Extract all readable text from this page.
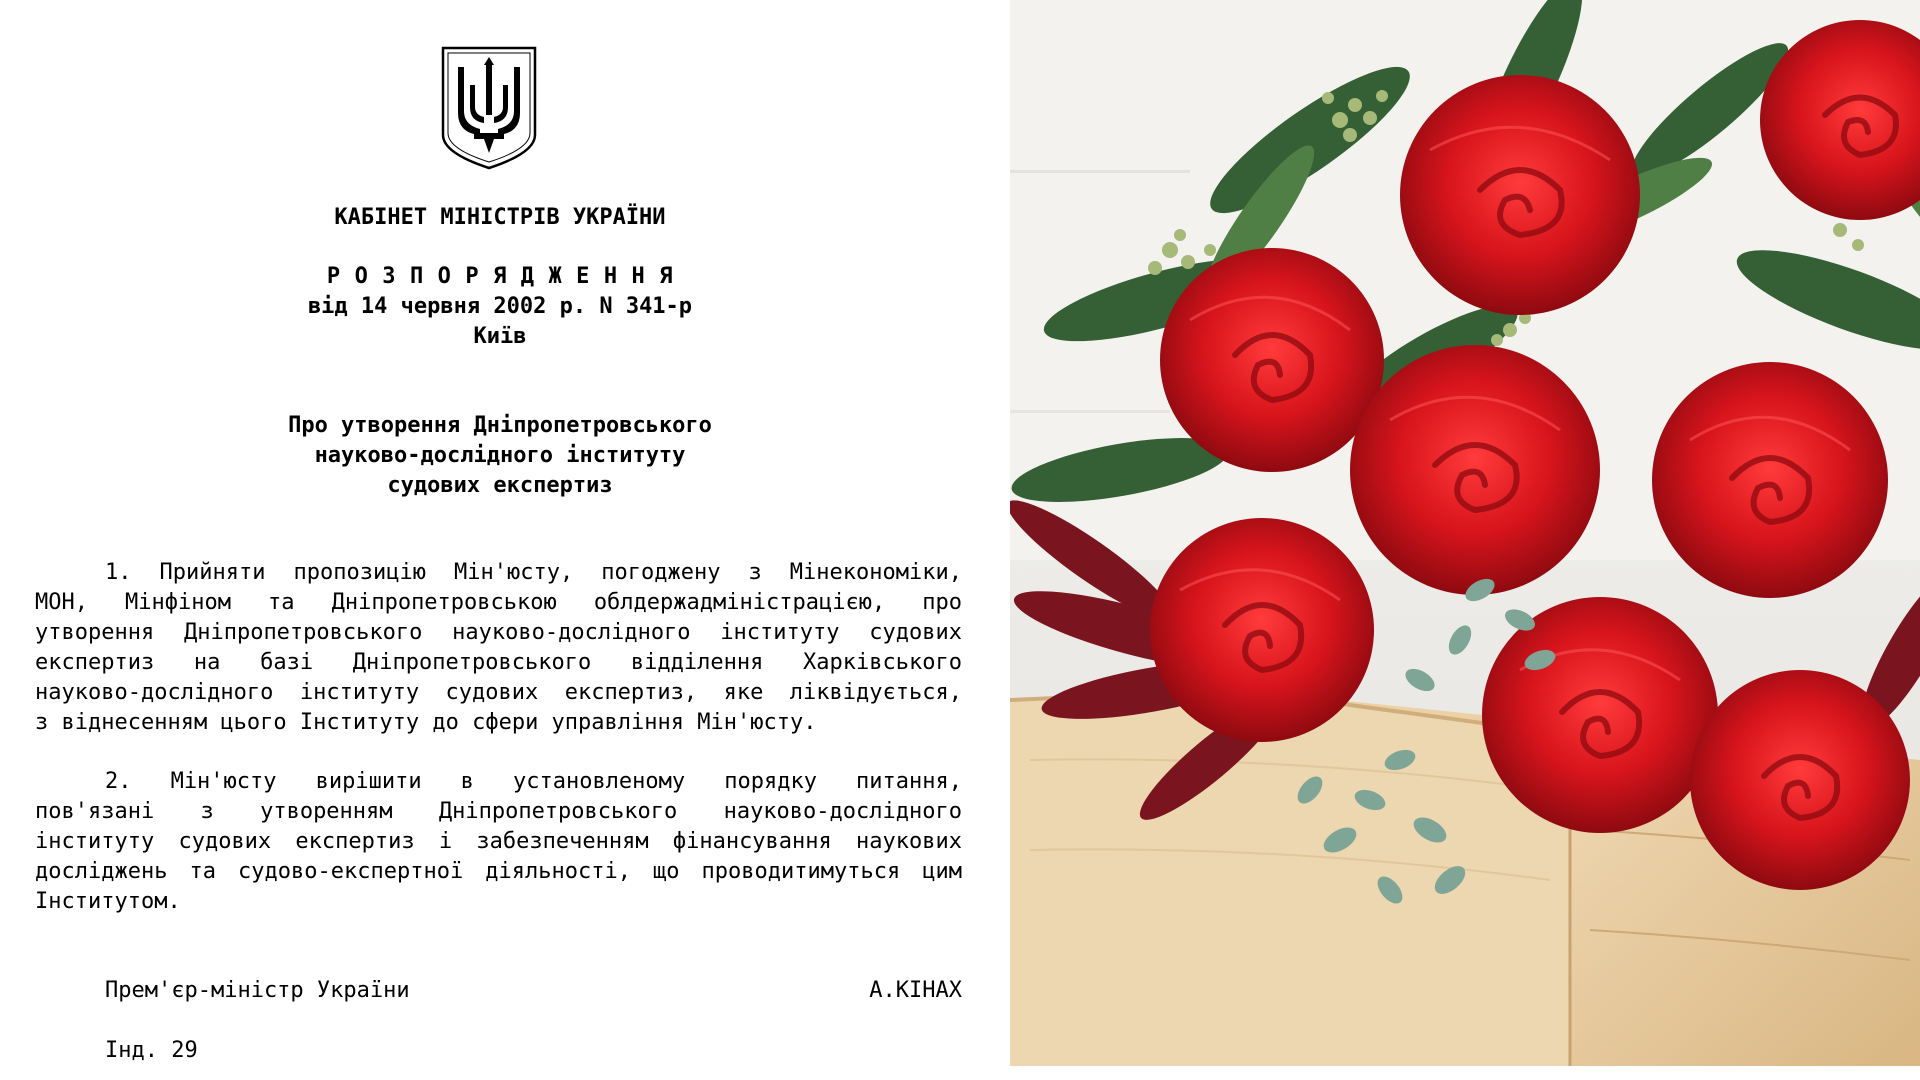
КАБІНЕТ МІНІСТРІВ УКРАЇНИ
Р О З П О Р Я Д Ж Е Н Н Я
від 14 червня 2002 р. N 341-р
Київ
Про утворення Дніпропетровського
науково-дослідного інституту
судових експертиз
1. Прийняти пропозицію Мін'юсту, погоджену з Мінекономіки,
МОН, Мінфіном та Дніпропетровською облдержадміністрацією, про
утворення Дніпропетровського науково-дослідного інституту судових
експертиз на базі Дніпропетровського відділення Харківського
науково-дослідного інституту судових експертиз, яке ліквідується,
з віднесенням цього Інституту до сфери управління Мін'юсту.
2. Мін'юсту вирішити в установленому порядку питання,
пов'язані з утворенням Дніпропетровського науково-дослідного
інституту судових експертиз і забезпеченням фінансування наукових
досліджень та судово-експертної діяльності, що проводитимуться цим
Інститутом.
Прем'єр-міністр України	А.КІНАХ
Інд. 29
